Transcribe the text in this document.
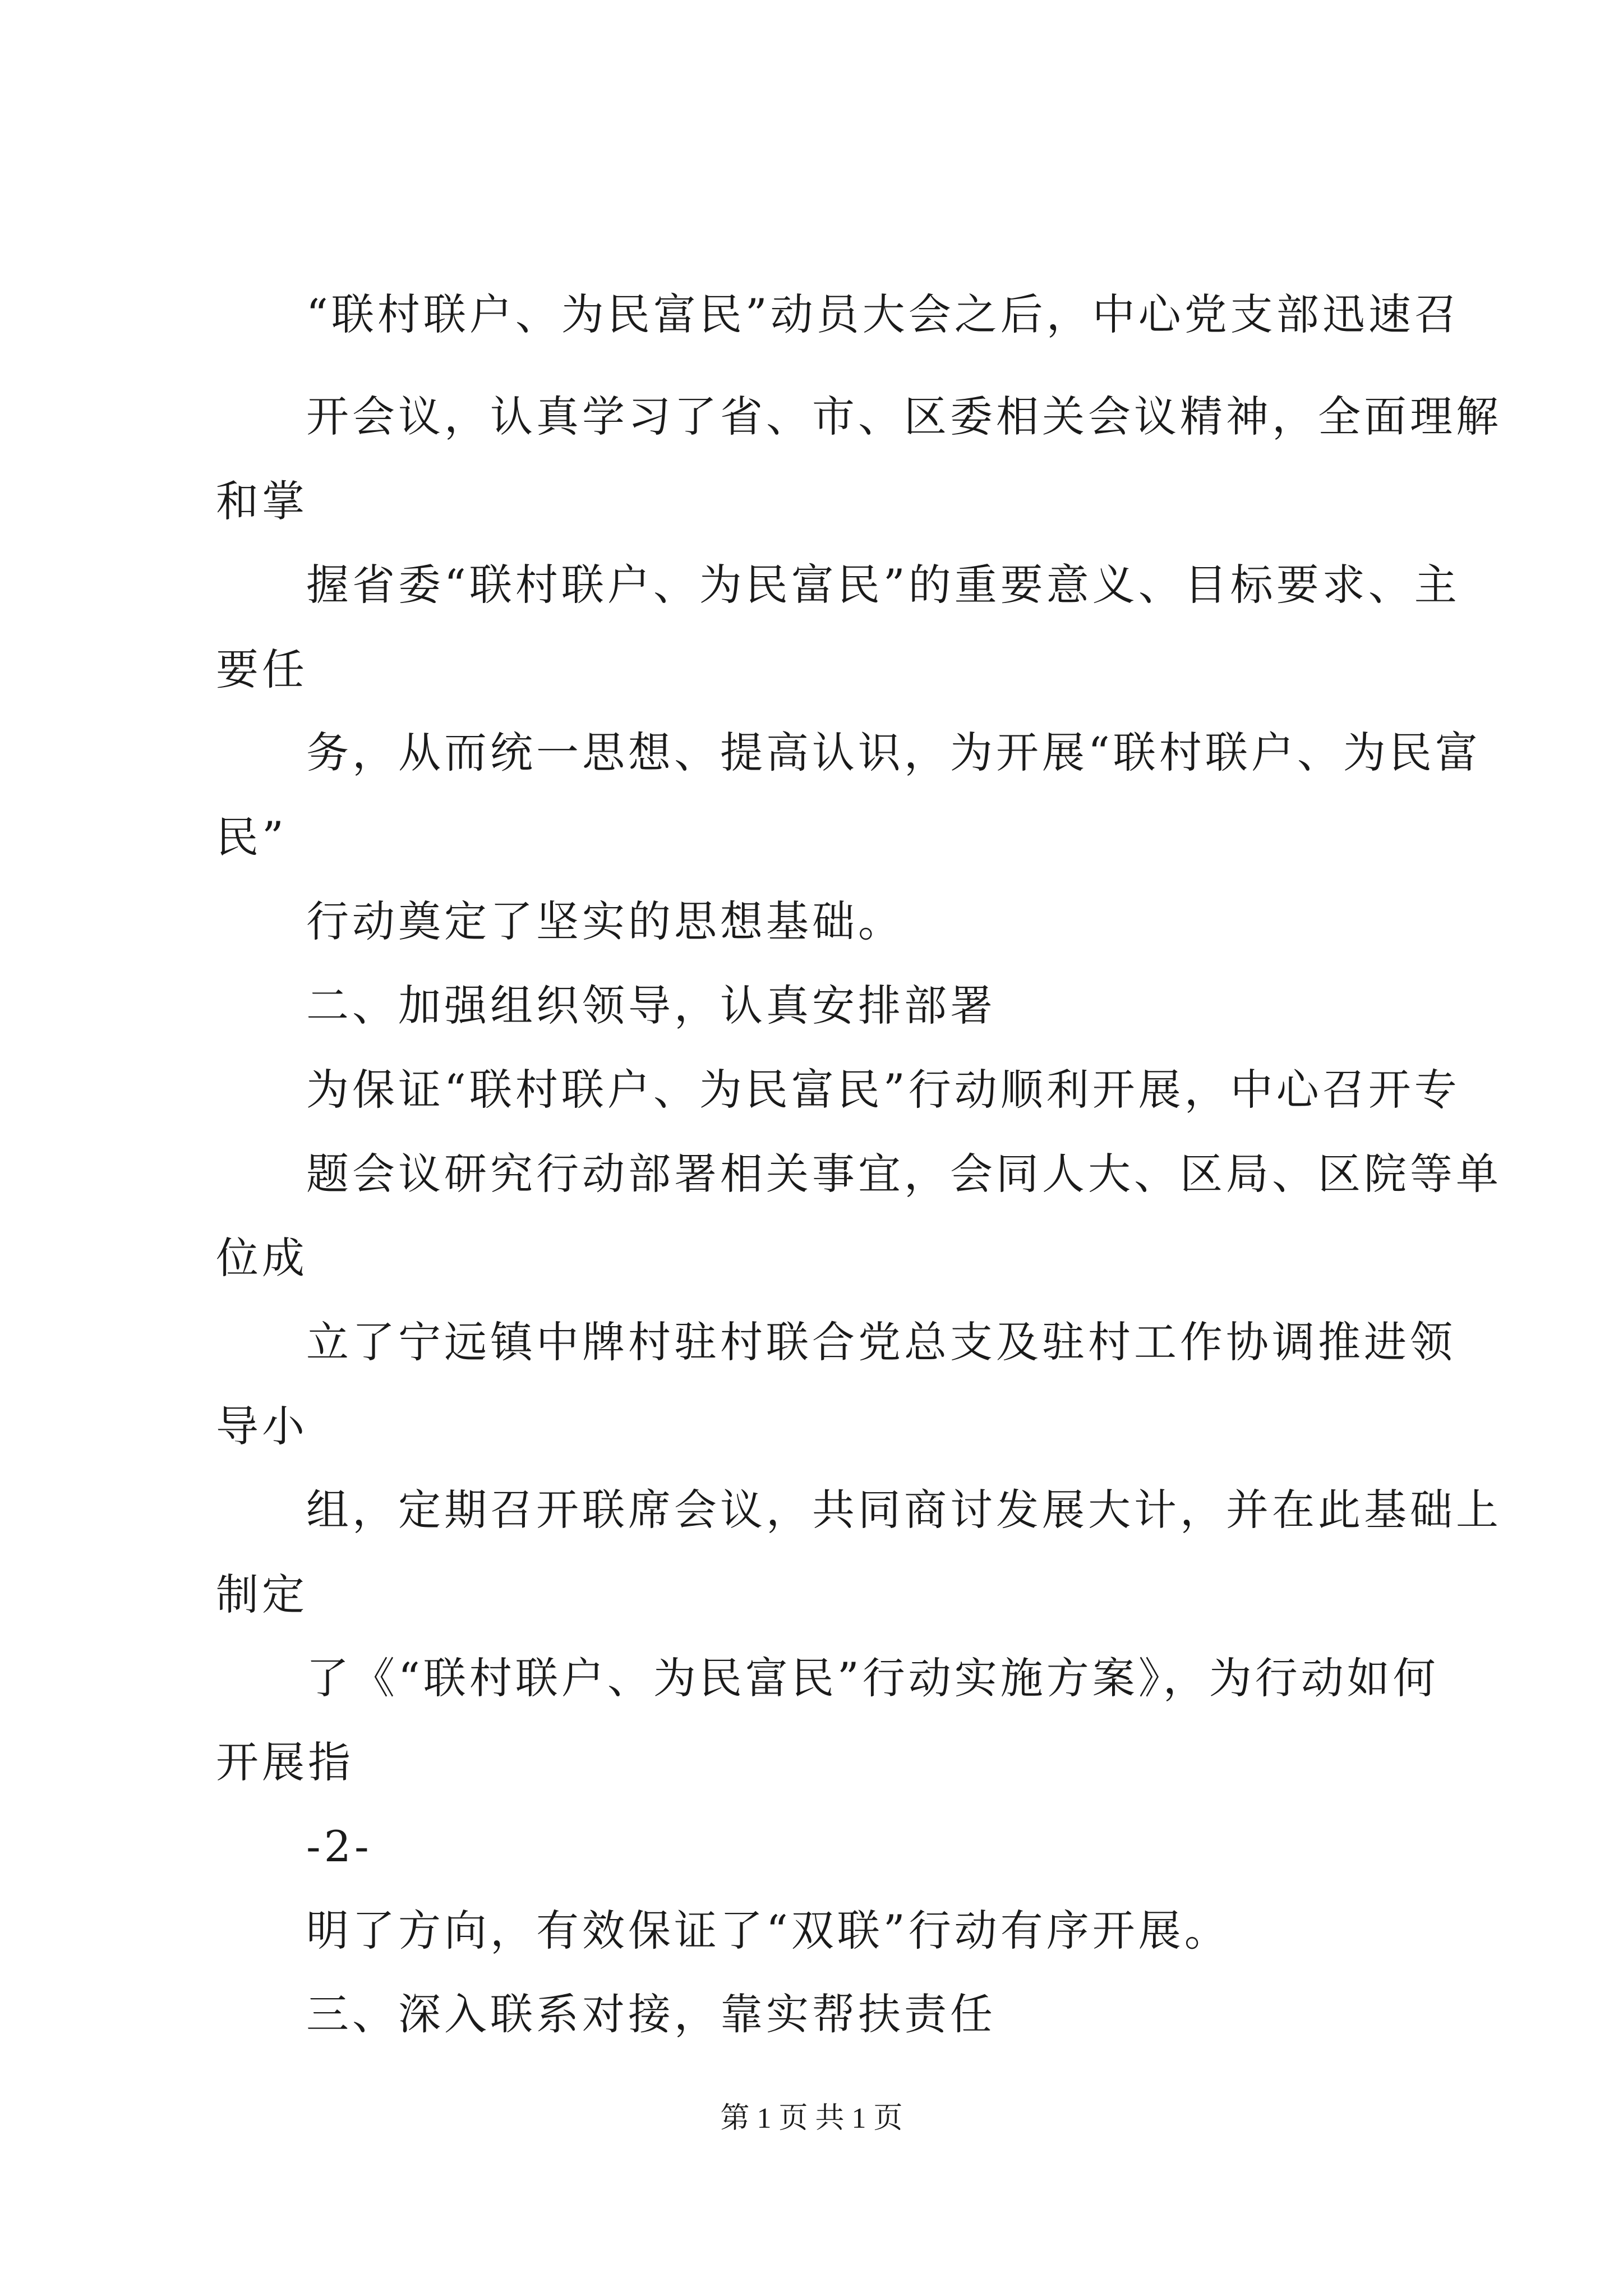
“联村联户、为民富民”动员大会之后，中心党支部迅速召
开会议，认真学习了省、市、区委相关会议精神，全面理解
和掌
握省委“联村联户、为民富民”的重要意义、目标要求、主
要任
务，从而统一思想、提高认识，为开展“联村联户、为民富
民”
行动奠定了坚实的思想基础。
二、加强组织领导，认真安排部署
为保证“联村联户、为民富民”行动顺利开展，中心召开专
题会议研究行动部署相关事宜，会同人大、区局、区院等单
位成
立了宁远镇中牌村驻村联合党总支及驻村工作协调推进领
导小
组，定期召开联席会议，共同商讨发展大计，并在此基础上
制定
了《“联村联户、为民富民”行动实施方案》，为行动如何
开展指
-2-
明了方向，有效保证了“双联”行动有序开展。
三、深入联系对接，靠实帮扶责任
第 1 页 共 1 页
